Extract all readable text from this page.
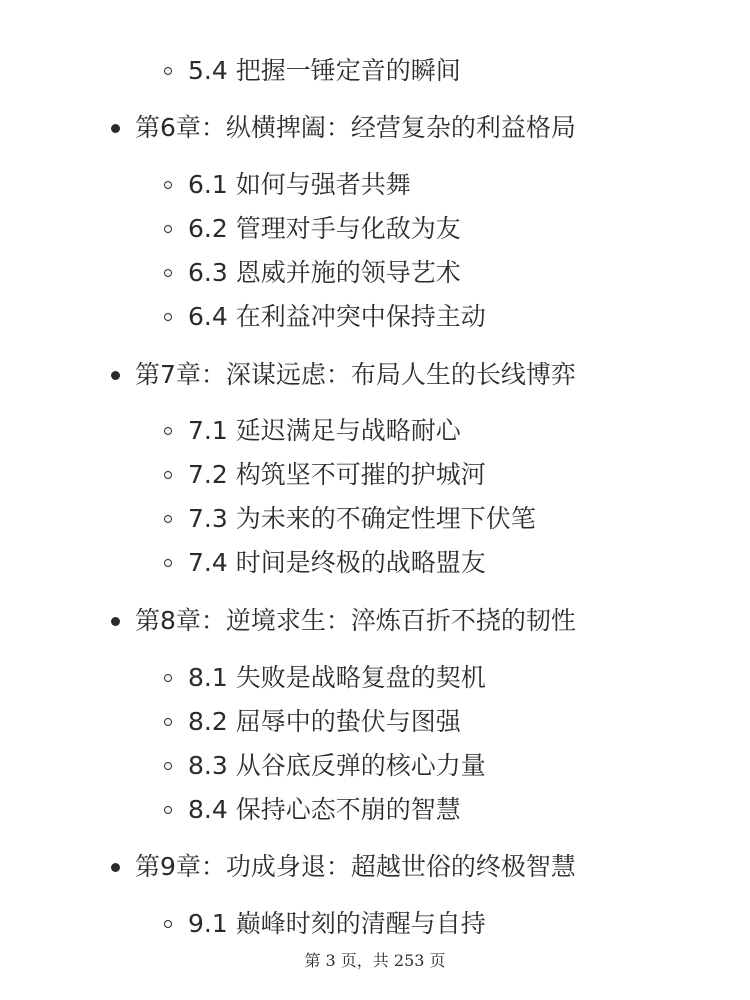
5.4 把握一锤定音的瞬间
第6章：纵横捭阖：经营复杂的利益格局
6.1 如何与强者共舞
6.2 管理对手与化敌为友
6.3 恩威并施的领导艺术
6.4 在利益冲突中保持主动
第7章：深谋远虑：布局人生的长线博弈
7.1 延迟满足与战略耐心
7.2 构筑坚不可摧的护城河
7.3 为未来的不确定性埋下伏笔
7.4 时间是终极的战略盟友
第8章：逆境求生：淬炼百折不挠的韧性
8.1 失败是战略复盘的契机
8.2 屈辱中的蛰伏与图强
8.3 从谷底反弹的核心力量
8.4 保持心态不崩的智慧
第9章：功成身退：超越世俗的终极智慧
9.1 巅峰时刻的清醒与自持
第 3 页，共 253 页
